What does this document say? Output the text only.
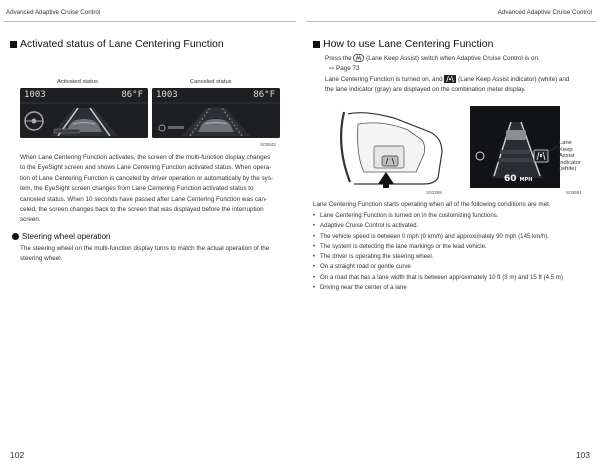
Advanced Adaptive Cruise Control	Advanced Adaptive Cruise Control
Activated status of Lane Centering Function
Activated status	Canceled status
1003	86°F 1003	86°F
S03842
When Lane Centering Function activates, the screen of the multi-function display changes
to the EyeSight screen and shows Lane Centering Function activated status. When opera-
tion of Lane Centering Function is canceled by driver operation or automatically by the sys-
tem, the EyeSight screen changes from Lane Centering Function activated status to
canceled status. When 10 seconds have passed after Lane Centering Function was can-
celed, the screen changes back to the screen that was displayed before the interruption
screen.
Steering wheel operation
The steering wheel on the multi-function display turns to match the actual operation of the
steering wheel.
102
How to use Lane Centering Function
Press the (Lane Keep Assist) switch when Adaptive Cruise Control is on.
⇨ Page 73
Lane Centering Function is turned on, and (Lane Keep Assist indicator) (white) and
the lane indicator (gray) are displayed on the combination meter display.
60 MPH
Lane
Keep
Assist
indicator
(white)
S03359	S03681
Lane Centering Function starts operating when all of the following conditions are met.
• Lane Centering Function is turned on in the customizing functions.
• Adaptive Cruise Control is activated.
• The vehicle speed is between 0 mph (0 km/h) and approximately 90 mph (145 km/h).
• The system is detecting the lane markings or the lead vehicle.
• The driver is operating the steering wheel.
• On a straight road or gentle curve
• On a road that has a lane width that is between approximately 10 ft (3 m) and 15 ft (4.5 m)
• Driving near the center of a lane
103
